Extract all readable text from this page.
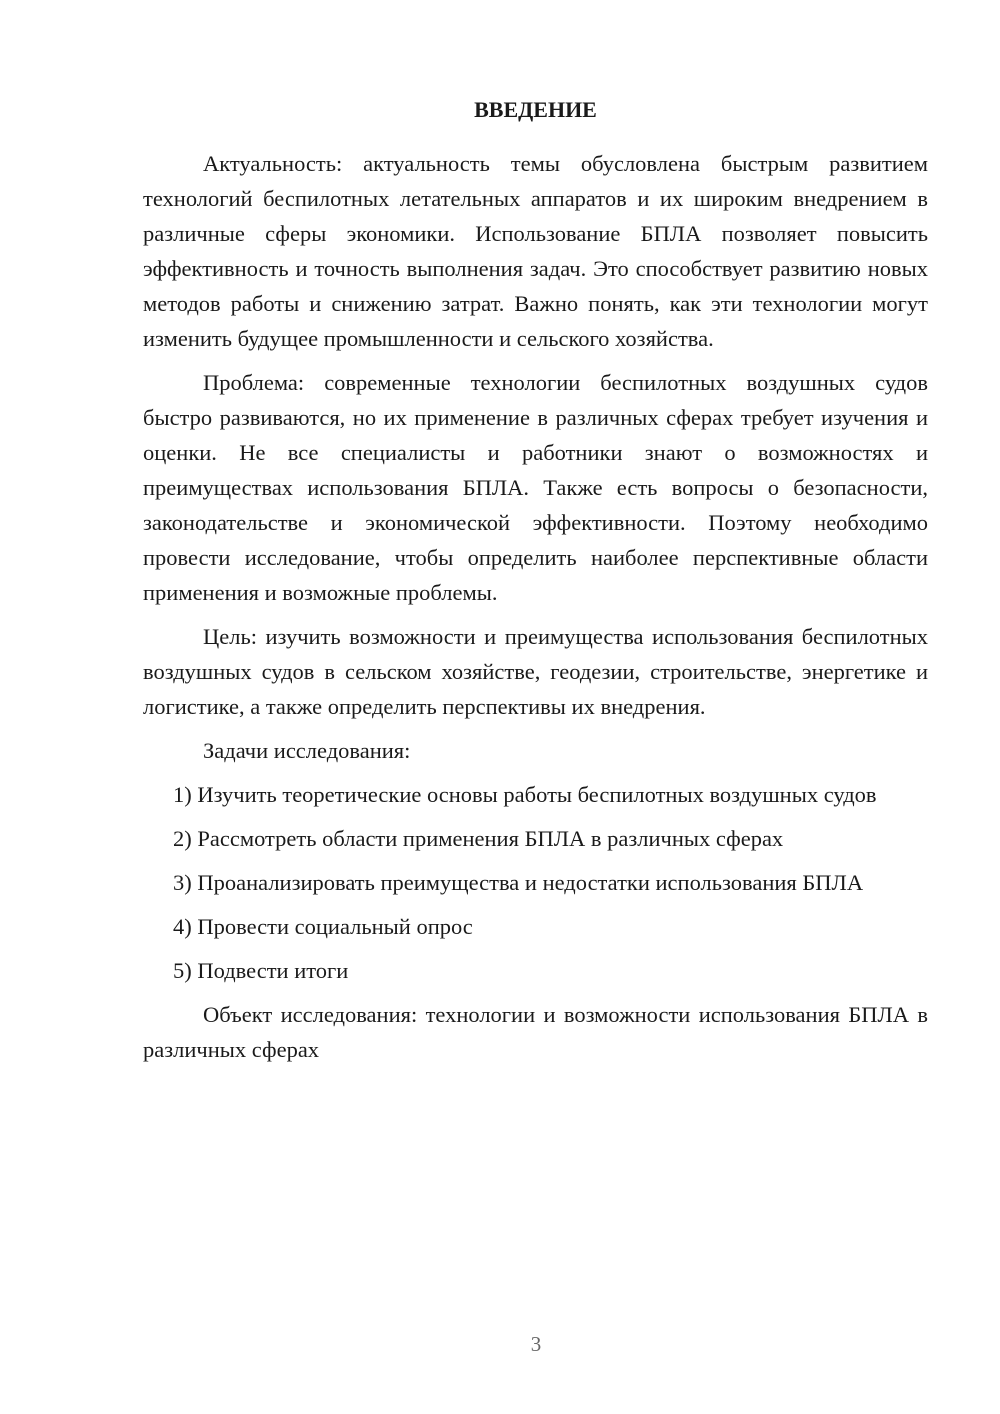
ВВЕДЕНИЕ

Актуальность: актуальность темы обусловлена быстрым развитием технологий беспилотных летательных аппаратов и их широким внедрением в различные сферы экономики. Использование БПЛА позволяет повысить эффективность и точность выполнения задач. Это способствует развитию новых методов работы и снижению затрат. Важно понять, как эти технологии могут изменить будущее промышленности и сельского хозяйства.

Проблема: современные технологии беспилотных воздушных судов быстро развиваются, но их применение в различных сферах требует изучения и оценки. Не все специалисты и работники знают о возможностях и преимуществах использования БПЛА. Также есть вопросы о безопасности, законодательстве и экономической эффективности. Поэтому необходимо провести исследование, чтобы определить наиболее перспективные области применения и возможные проблемы.

Цель: изучить возможности и преимущества использования беспилотных воздушных судов в сельском хозяйстве, геодезии, строительстве, энергетике и логистике, а также определить перспективы их внедрения.

Задачи исследования:

1) Изучить теоретические основы работы беспилотных воздушных судов

2) Рассмотреть области применения БПЛА в различных сферах

3) Проанализировать преимущества и недостатки использования БПЛА

4) Провести социальный опрос

5) Подвести итоги

Объект исследования: технологии и возможности использования БПЛА в различных сферах

3
